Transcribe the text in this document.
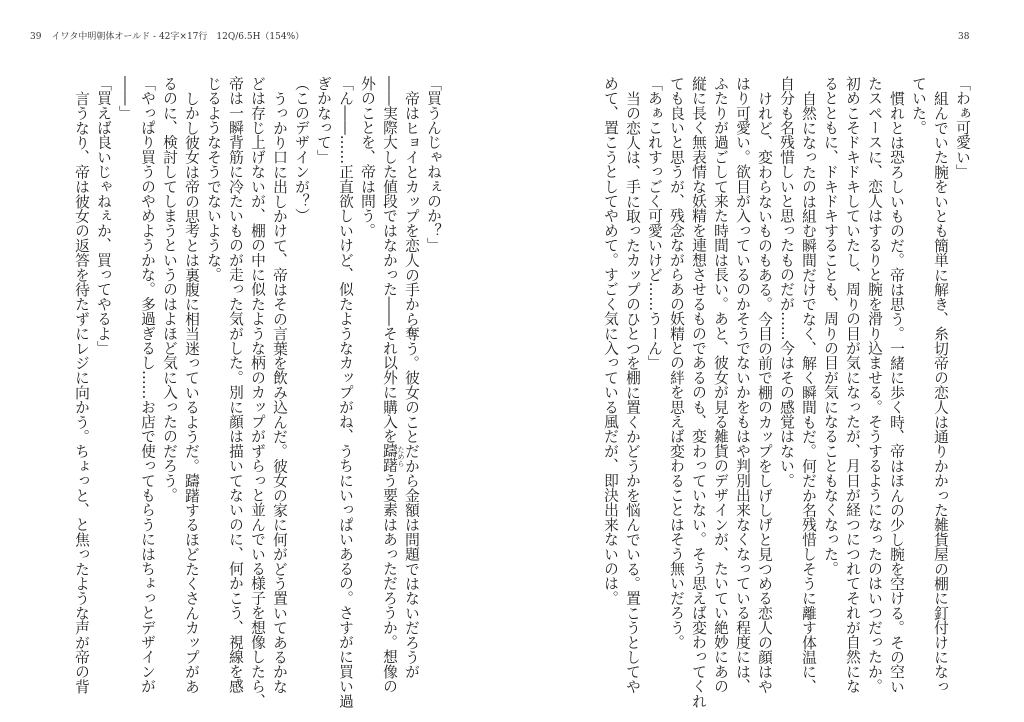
39 イワタ中明朝体オールド - 42字×17行　12Q/6.5H（154%）	38
「わぁ可愛い」
組んでいた腕をいとも簡単に解き、糸切帝の恋人は通りかかった雑貨屋の棚に釘付けになっ
ていた。
慣れとは恐ろしいものだ。帝は思う。一緒に歩く時、帝はほんの少し腕を空ける。その空い
たスペースに、恋人はするりと腕を滑り込ませる。そうするようになったのはいつだったか。
初めこそドキドキしていたし、周りの目が気になったが、月日が経つにつれてそれが自然にな
るとともに、ドキドキすることも、周りの目が気になることもなくなった。
自然になったのは組む瞬間だけでなく、解く瞬間もだ。何だか名残惜しそうに離す体温に、
自分も名残惜しいと思ったものだが……今はその感覚はない。
けれど、変わらないものもある。今目の前で棚のカップをしげしげと見つめる恋人の顔はや
はり可愛い。欲目が入っているのかそうでないかをもはや判別出来なくなっている程度には、
ふたりが過ごして来た時間は長い。あと、彼女が見る雑貨のデザインが、たいてい絶妙にあの
縦に長く無表情な妖精を連想させるものであるのも、変わっていない。そう思えば変わってくれ
ても良いと思うが、残念ながらあの妖精との絆を思えば変わることはそう無いだろう。
「あぁこれすっごく可愛いけど……うーん」
当の恋人は、手に取ったカップのひとつを棚に置くかどうかを悩んでいる。置こうとしてや
めて、置こうとしてやめて。すごく気に入っている風だが、即決出来ないのは。
「買うんじゃねぇのか？」
帝はヒョイとカップを恋人の手から奪う。彼女のことだから金額は問題ではないだろうが
――実際大した値段ではなかった――それ以外に購入を躊躇 ためら
う要素はあっただろうか。想像の
外のことを、帝は問う。
「ん――……正直欲しいけど、似たようなカップがね、うちにいっぱいあるの。さすがに買い過
ぎかなって」
（このデザインが？）
うっかり口に出しかけて、帝はその言葉を飲み込んだ。彼女の家に何がどう置いてあるかな
どは存じ上げないが、棚の中に似たような柄のカップがずらっと並んでいる様子を想像したら、
帝は一瞬背筋に冷たいものが走った気がした。別に顔は描いてないのに、何かこう、視線を感
じるようなそうでないような。
しかし彼女は帝の思考とは裏腹に相当迷っているようだ。躊躇するほどたくさんカップがあ
るのに、検討してしまうというのはよほど気に入ったのだろう。
「やっぱり買うのやめようかな。多過ぎるし……お店で使ってもらうにはちょっとデザインが
――」
「買えば良いじゃねぇか、買ってやるよ」
言うなり、帝は彼女の返答を待たずにレジに向かう。ちょっと、と焦ったような声が帝の背
